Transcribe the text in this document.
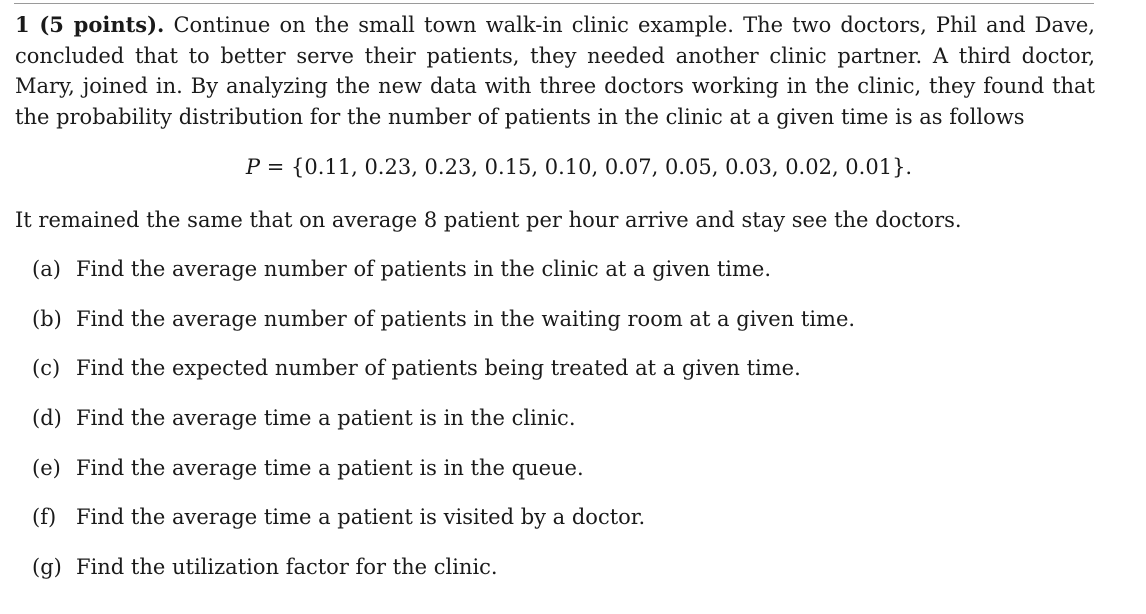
1 (5 points). Continue on the small town walk-in clinic example. The two doctors, Phil and Dave, concluded that to better serve their patients, they needed another clinic partner. A third doctor, Mary, joined in. By analyzing the new data with three doctors working in the clinic, they found that the probability distribution for the number of patients in the clinic at a given time is as follows
P = {0.11, 0.23, 0.23, 0.15, 0.10, 0.07, 0.05, 0.03, 0.02, 0.01}.
It remained the same that on average 8 patient per hour arrive and stay see the doctors.
(a) Find the average number of patients in the clinic at a given time.
(b) Find the average number of patients in the waiting room at a given time.
(c) Find the expected number of patients being treated at a given time.
(d) Find the average time a patient is in the clinic.
(e) Find the average time a patient is in the queue.
(f) Find the average time a patient is visited by a doctor.
(g) Find the utilization factor for the clinic.
